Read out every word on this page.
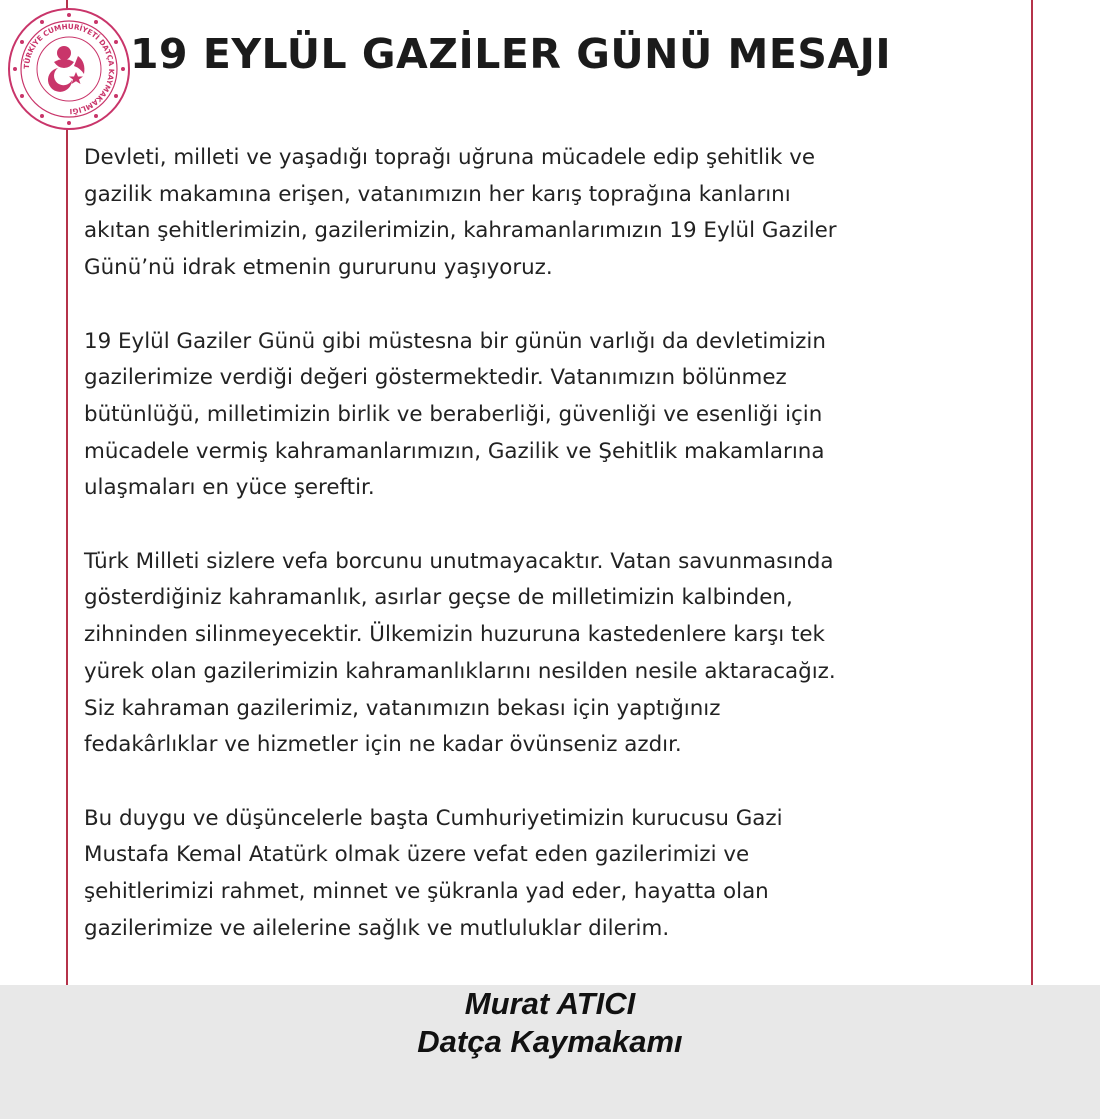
TÜRKİYE CUMHURİYETİ DATÇA KAYMAKAMLIĞI
19 EYLÜL GAZİLER GÜNÜ MESAJI

Devleti, milleti ve yaşadığı toprağı uğruna mücadele edip şehitlik ve
gazilik makamına erişen, vatanımızın her karış toprağına kanlarını
akıtan şehitlerimizin, gazilerimizin, kahramanlarımızın 19 Eylül Gaziler
Günü’nü idrak etmenin gururunu yaşıyoruz.

19 Eylül Gaziler Günü gibi müstesna bir günün varlığı da devletimizin
gazilerimize verdiği değeri göstermektedir. Vatanımızın bölünmez
bütünlüğü, milletimizin birlik ve beraberliği, güvenliği ve esenliği için
mücadele vermiş kahramanlarımızın, Gazilik ve Şehitlik makamlarına
ulaşmaları en yüce şereftir.

Türk Milleti sizlere vefa borcunu unutmayacaktır. Vatan savunmasında
gösterdiğiniz kahramanlık, asırlar geçse de milletimizin kalbinden,
zihninden silinmeyecektir. Ülkemizin huzuruna kastedenlere karşı tek
yürek olan gazilerimizin kahramanlıklarını nesilden nesile aktaracağız.
Siz kahraman gazilerimiz, vatanımızın bekası için yaptığınız
fedakârlıklar ve hizmetler için ne kadar övünseniz azdır.

Bu duygu ve düşüncelerle başta Cumhuriyetimizin kurucusu Gazi
Mustafa Kemal Atatürk olmak üzere vefat eden gazilerimizi ve
şehitlerimizi rahmet, minnet ve şükranla yad eder, hayatta olan
gazilerimize ve ailelerine sağlık ve mutluluklar dilerim.

Murat ATICI
Datça Kaymakamı
